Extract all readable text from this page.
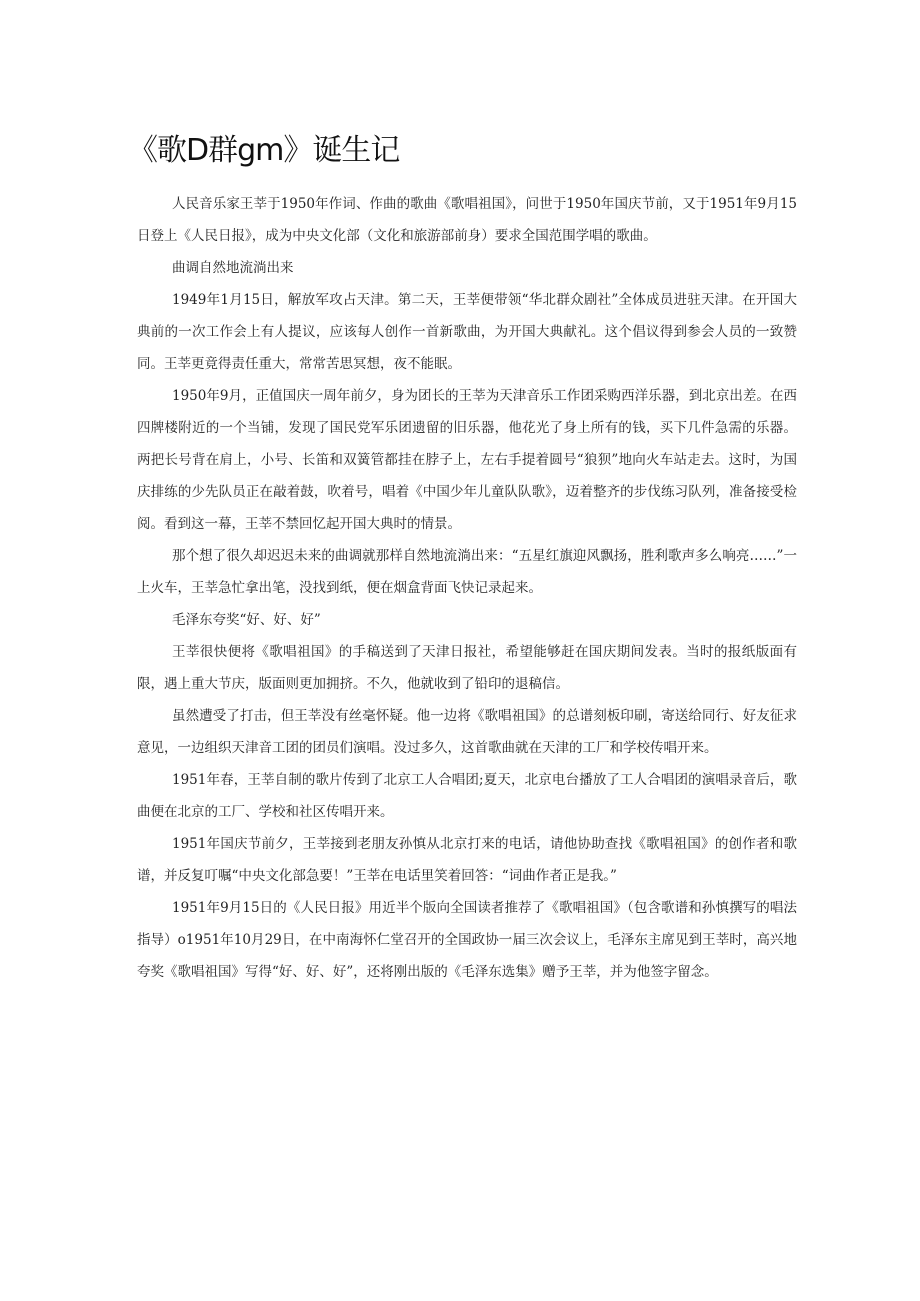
《歌D群gm》诞生记

人民音乐家王莘于1950年作词、作曲的歌曲《歌唱祖国》，问世于1950年国庆节前，又于1951年9月15日登上《人民日报》，成为中央文化部（文化和旅游部前身）要求全国范围学唱的歌曲。

曲调自然地流淌出来

1949年1月15日，解放军攻占天津。第二天，王莘便带领“华北群众剧社”全体成员进驻天津。在开国大典前的一次工作会上有人提议，应该每人创作一首新歌曲，为开国大典献礼。这个倡议得到参会人员的一致赞同。王莘更竟得责任重大，常常苦思冥想，夜不能眠。

1950年9月，正值国庆一周年前夕，身为团长的王莘为天津音乐工作团采购西洋乐器，到北京出差。在西四牌楼附近的一个当铺，发现了国民党军乐团遗留的旧乐器，他花光了身上所有的钱，买下几件急需的乐器。两把长号背在肩上，小号、长笛和双簧管都挂在脖子上，左右手提着圆号“狼狈”地向火车站走去。这时，为国庆排练的少先队员正在敲着鼓，吹着号，唱着《中国少年儿童队队歌》，迈着整齐的步伐练习队列，准备接受检阅。看到这一幕，王莘不禁回忆起开国大典时的情景。

那个想了很久却迟迟未来的曲调就那样自然地流淌出来：“五星红旗迎风飘扬，胜利歌声多么响亮……”一上火车，王莘急忙拿出笔，没找到纸，便在烟盒背面飞快记录起来。

毛泽东夸奖“好、好、好”

王莘很快便将《歌唱祖国》的手稿送到了天津日报社，希望能够赶在国庆期间发表。当时的报纸版面有限，遇上重大节庆，版面则更加拥挤。不久，他就收到了铅印的退稿信。

虽然遭受了打击，但王莘没有丝毫怀疑。他一边将《歌唱祖国》的总谱刻板印刷，寄送给同行、好友征求意见，一边组织天津音工团的团员们演唱。没过多久，这首歌曲就在天津的工厂和学校传唱开来。

1951年春，王莘自制的歌片传到了北京工人合唱团;夏天，北京电台播放了工人合唱团的演唱录音后，歌曲便在北京的工厂、学校和社区传唱开来。

1951年国庆节前夕，王莘接到老朋友孙慎从北京打来的电话，请他协助查找《歌唱祖国》的创作者和歌谱，并反复叮嘱“中央文化部急要！”王莘在电话里笑着回答：“词曲作者正是我。”

1951年9月15日的《人民日报》用近半个版向全国读者推荐了《歌唱祖国》（包含歌谱和孙慎撰写的唱法指导）o1951年10月29日，在中南海怀仁堂召开的全国政协一届三次会议上，毛泽东主席见到王莘时，高兴地夸奖《歌唱祖国》写得“好、好、好”，还将刚出版的《毛泽东选集》赠予王莘，并为他签字留念。
